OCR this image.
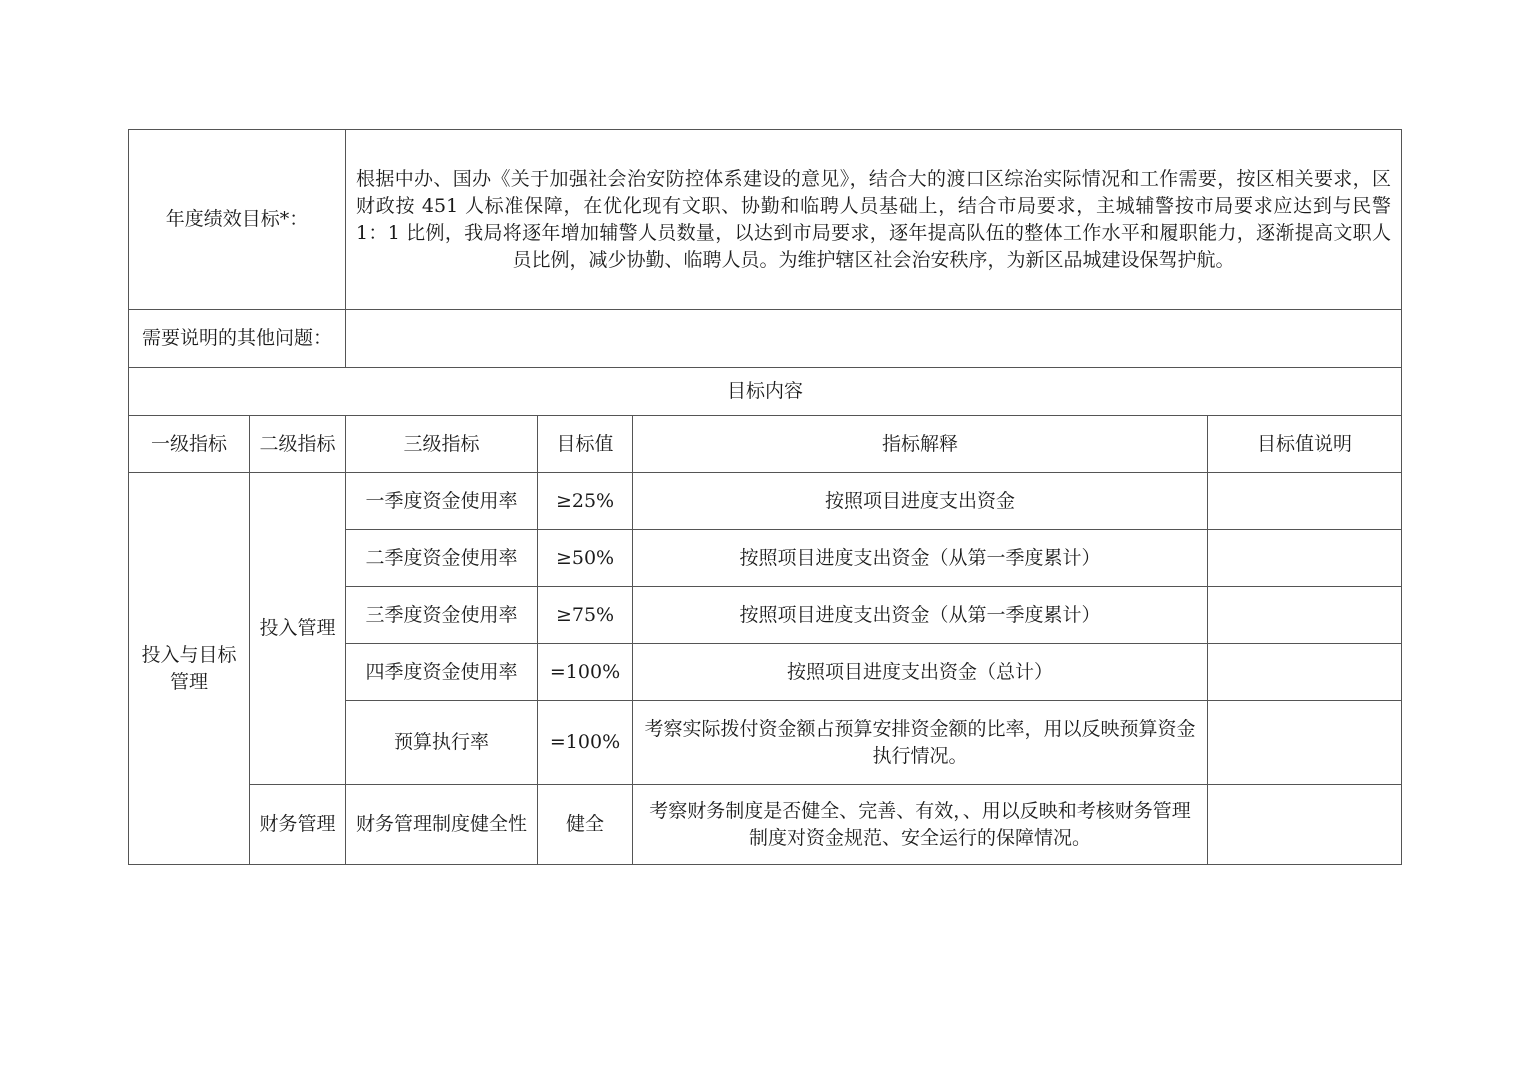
年度绩效目标*：		根据中办、国办《关于加强社会治安防控体系建设的意见》，结合大的渡口区综治实际情况和工作需要，按区相关要求，区财政按 451 人标准保障，在优化现有文职、协勤和临聘人员基础上，结合市局要求，主城辅警按市局要求应达到与民警 1：1 比例，我局将逐年增加辅警人员数量，以达到市局要求，逐年提高队伍的整体工作水平和履职能力，逐渐提高文职人员比例，减少协勤、临聘人员。为维护辖区社会治安秩序，为新区品城建设保驾护航。			
需要说明的其他问题：					
目标内容					
一级指标	二级指标	三级指标	目标值	指标解释	目标值说明
投入与目标管理	投入管理	一季度资金使用率	≥25%	按照项目进度支出资金	
		二季度资金使用率	≥50%	按照项目进度支出资金（从第一季度累计）	
		三季度资金使用率	≥75%	按照项目进度支出资金（从第一季度累计）	
		四季度资金使用率	=100%	按照项目进度支出资金（总计）	
		预算执行率	=100%	考察实际拨付资金额占预算安排资金额的比率，用以反映预算资金执行情况。	
	财务管理	财务管理制度健全性	健全	考察财务制度是否健全、完善、有效，、用以反映和考核财务管理制度对资金规范、安全运行的保障情况。	
